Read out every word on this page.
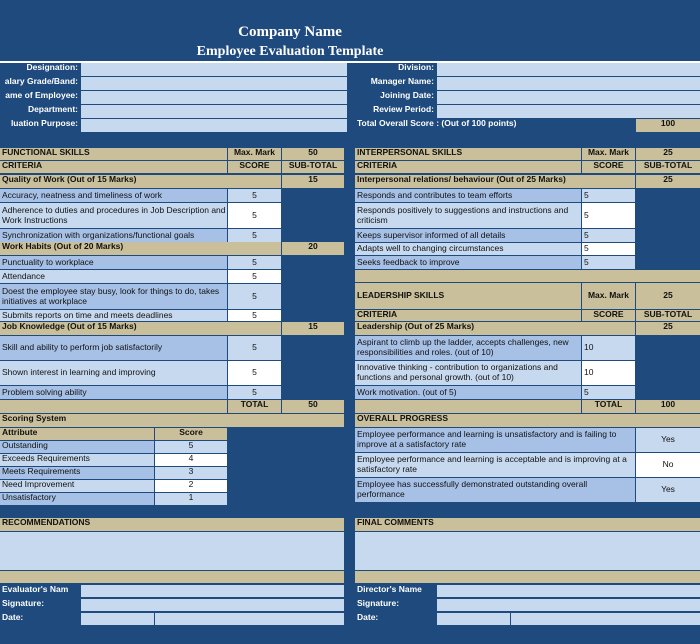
Company Name
Employee Evaluation Template
Designation:
alary Grade/Band:
ame of Employee:
Department:
luation Purpose:
Division:
Manager Name:
Joining Date:
Review Period:
Total Overall Score : (Out of 100 points)	100
FUNCTIONAL SKILLS	Max. Mark	50
CRITERIA	SCORE	SUB-TOTAL
Quality of Work (Out of 15 Marks)	15
Accuracy, neatness and timeliness of work	5
Adherence to duties and procedures in Job Description and Work Instructions	5
Synchronization with organizations/functional goals	5
Work Habits (Out of 20 Marks)	20
Punctuality to workplace	5
Attendance	5
Doest the employee stay busy, look for things to do, takes initiatives at workplace	5
Submits reports on time and meets deadlines	5
Job Knowledge (Out of 15 Marks)	15
Skill and ability to perform job satisfactorily	5
Shown interest in learning and improving	5
Problem solving ability	5
TOTAL	50
INTERPERSONAL SKILLS	Max. Mark	25
CRITERIA	SCORE	SUB-TOTAL
Interpersonal relations/ behaviour (Out of 25 Marks)	25
Responds and contributes to team efforts	5
Responds positively to suggestions and instructions and criticism	5
Keeps supervisor informed of all details	5
Adapts well to changing circumstances	5
Seeks feedback to improve	5
LEADERSHIP SKILLS	Max. Mark	25
CRITERIA	SCORE	SUB-TOTAL
Leadership (Out of 25 Marks)	25
Aspirant to climb up the ladder, accepts challenges, new responsibilities and roles. (out of 10)	10
Innovative thinking - contribution to organizations and functions and personal growth. (out of 10)	10
Work motivation. (out of 5)	5
TOTAL	100
Scoring System
Attribute	Score
Outstanding	5
Exceeds Requirements	4
Meets Requirements	3
Need Improvement	2
Unsatisfactory	1
OVERALL PROGRESS
Employee performance and learning is unsatisfactory and is failing to improve at a satisfactory rate	Yes
Employee performance and learning is acceptable and is improving at a satisfactory rate	No
Employee has successfully demonstrated outstanding overall performance	Yes
RECOMMENDATIONS	FINAL COMMENTS
Evaluator's Nam
Signature:
Date:
Director's Name
Signature:
Date:
